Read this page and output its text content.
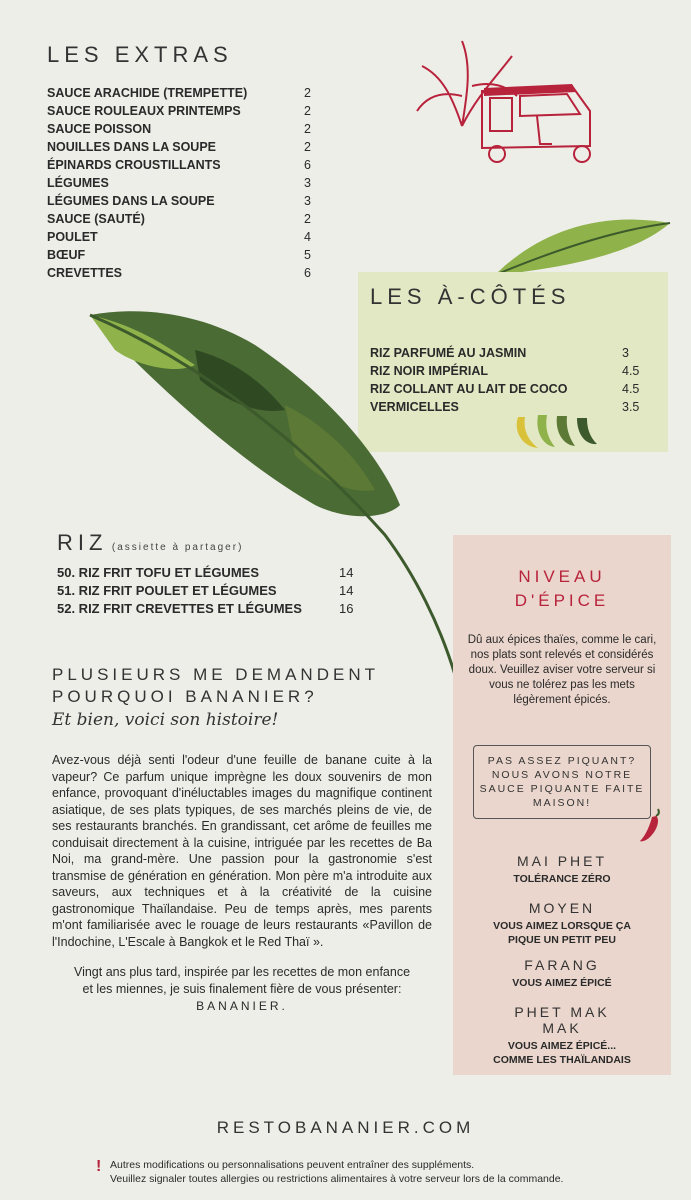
LES EXTRAS
SAUCE ARACHIDE (TREMPETTE)	2
SAUCE ROULEAUX PRINTEMPS	2
SAUCE POISSON	2
NOUILLES DANS LA SOUPE	2
ÉPINARDS CROUSTILLANTS	6
LÉGUMES	3
LÉGUMES DANS LA SOUPE	3
SAUCE (SAUTÉ)	2
POULET	4
BŒUF	5
CREVETTES	6
LES À-CÔTÉS
RIZ PARFUMÉ AU JASMIN	3
RIZ NOIR IMPÉRIAL	4.5
RIZ COLLANT AU LAIT DE COCO	4.5
VERMICELLES	3.5
RIZ (assiette à partager)
50. RIZ FRIT TOFU ET LÉGUMES	14
51. RIZ FRIT POULET ET LÉGUMES	14
52. RIZ FRIT CREVETTES ET LÉGUMES	16
PLUSIEURS ME DEMANDENT
POURQUOI BANANIER?
Et bien, voici son histoire!

Avez-vous déjà senti l'odeur d'une feuille de banane cuite à la vapeur? Ce parfum unique imprègne les doux souvenirs de mon enfance, provoquant d'inéluctables images du magnifique continent asiatique, de ses plats typiques, de ses marchés pleins de vie, de ses restaurants branchés. En grandissant, cet arôme de feuilles me conduisait directement à la cuisine, intriguée par les recettes de Ba Noi, ma grand-mère. Une passion pour la gastronomie s'est transmise de génération en génération. Mon père m'a introduite aux saveurs, aux techniques et à la créativité de la cuisine gastronomique Thaïlandaise. Peu de temps après, mes parents m'ont familiarisée avec le rouage de leurs restaurants «Pavillon de l'Indochine, L'Escale à Bangkok et le Red Thaï ».

Vingt ans plus tard, inspirée par les recettes de mon enfance et les miennes, je suis finalement fière de vous présenter:

BANANIER.
NIVEAU
D'ÉPICE

Dû aux épices thaïes, comme le cari, nos plats sont relevés et considérés doux. Veuillez aviser votre serveur si vous ne tolérez pas les mets légèrement épicés.

PAS ASSEZ PIQUANT? NOUS AVONS NOTRE SAUCE PIQUANTE FAITE MAISON!
MAI PHET
TOLÉRANCE ZÉRO
MOYEN
VOUS AIMEZ LORSQUE ÇA PIQUE UN PETIT PEU
FARANG
VOUS AIMEZ ÉPICÉ
PHET MAK MAK
VOUS AIMEZ ÉPICÉ... COMME LES THAÏLANDAIS
RESTOBANANIER.COM
! Autres modifications ou personnalisations peuvent entraîner des suppléments.
Veuillez signaler toutes allergies ou restrictions alimentaires à votre serveur lors de la commande.
